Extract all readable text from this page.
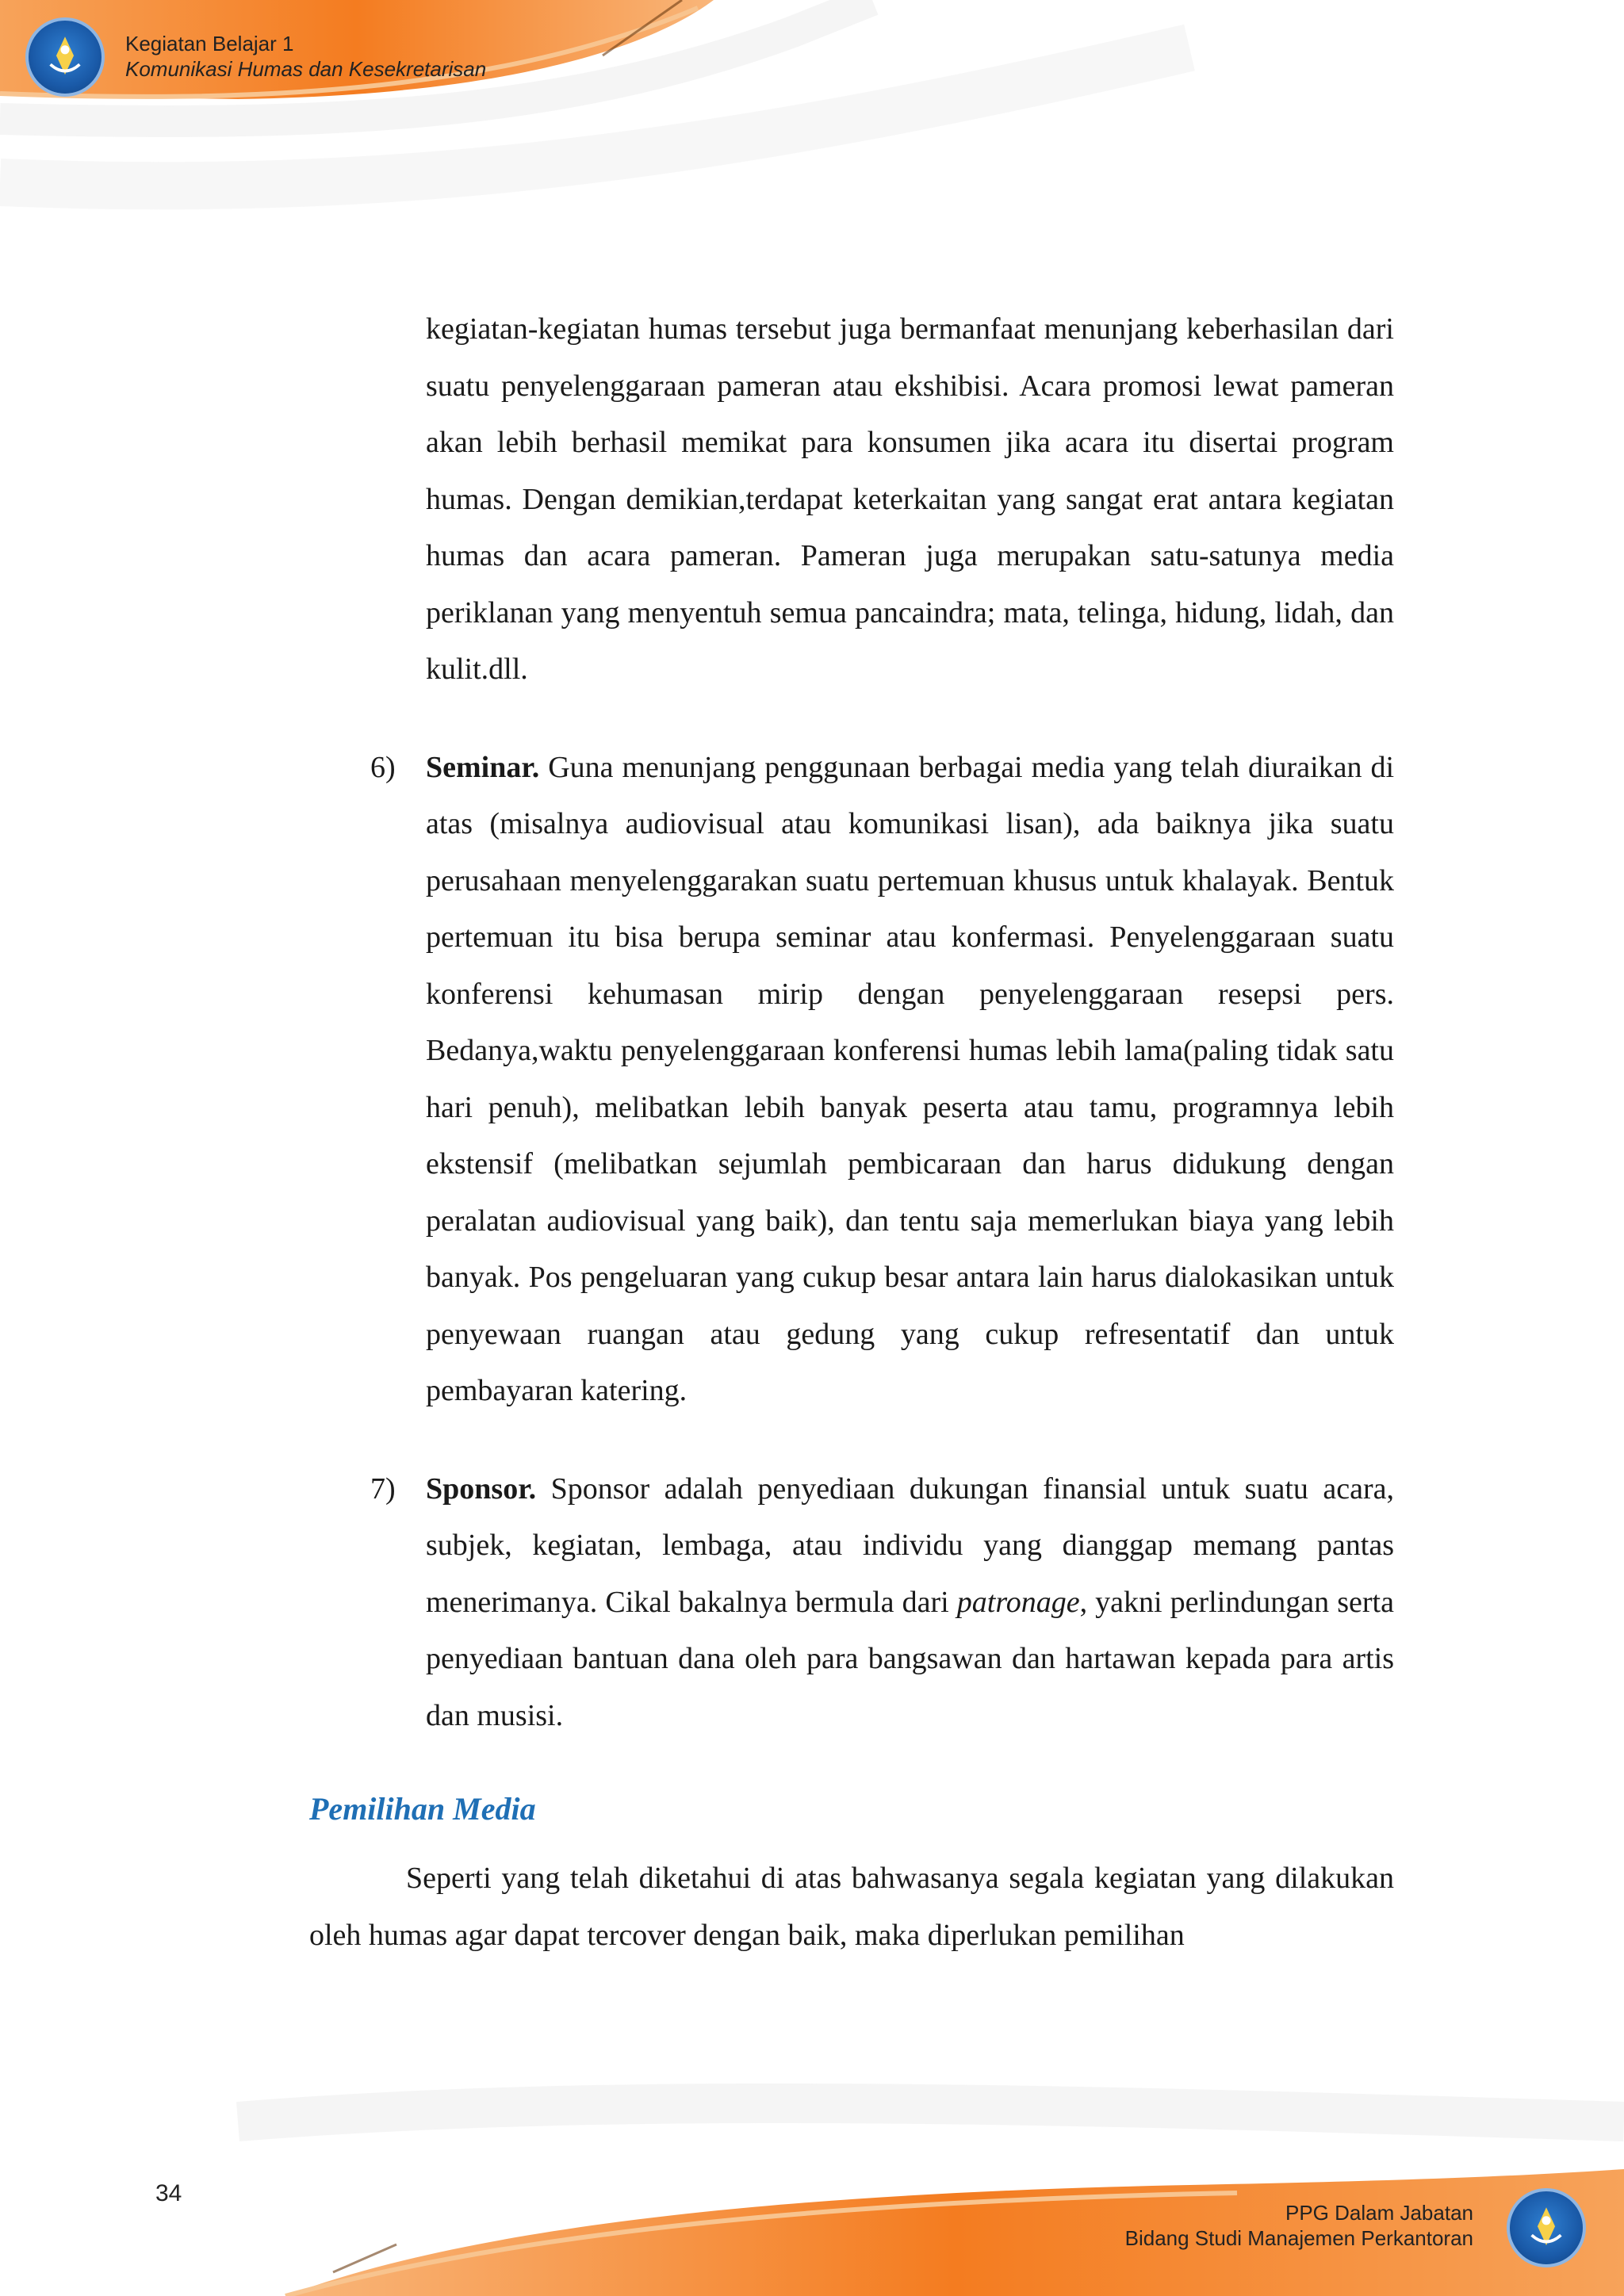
Kegiatan Belajar 1
Komunikasi Humas dan Kesekretarisan

kegiatan-kegiatan humas tersebut juga bermanfaat menunjang keberhasilan dari suatu penyelenggaraan pameran atau ekshibisi. Acara promosi lewat pameran akan lebih berhasil memikat para konsumen jika acara itu disertai program humas. Dengan demikian,terdapat keterkaitan yang sangat erat antara kegiatan humas dan acara pameran. Pameran juga merupakan satu-satunya media periklanan yang menyentuh semua pancaindra; mata, telinga, hidung, lidah, dan kulit.dll.

6) Seminar. Guna menunjang penggunaan berbagai media yang telah diuraikan di atas (misalnya audiovisual atau komunikasi lisan), ada baiknya jika suatu perusahaan menyelenggarakan suatu pertemuan khusus untuk khalayak. Bentuk pertemuan itu bisa berupa seminar atau konfermasi. Penyelenggaraan suatu konferensi kehumasan mirip dengan penyelenggaraan resepsi pers. Bedanya,waktu penyelenggaraan konferensi humas lebih lama(paling tidak satu hari penuh), melibatkan lebih banyak peserta atau tamu, programnya lebih ekstensif (melibatkan sejumlah pembicaraan dan harus didukung dengan peralatan audiovisual yang baik), dan tentu saja memerlukan biaya yang lebih banyak. Pos pengeluaran yang cukup besar antara lain harus dialokasikan untuk penyewaan ruangan atau gedung yang cukup refresentatif dan untuk pembayaran katering.

7) Sponsor. Sponsor adalah penyediaan dukungan finansial untuk suatu acara, subjek, kegiatan, lembaga, atau individu yang dianggap memang pantas menerimanya. Cikal bakalnya bermula dari patronage, yakni perlindungan serta penyediaan bantuan dana oleh para bangsawan dan hartawan kepada para artis dan musisi.

Pemilihan Media

Seperti yang telah diketahui di atas bahwasanya segala kegiatan yang dilakukan oleh humas agar dapat tercover dengan baik, maka diperlukan pemilihan

34
PPG Dalam Jabatan
Bidang Studi Manajemen Perkantoran
